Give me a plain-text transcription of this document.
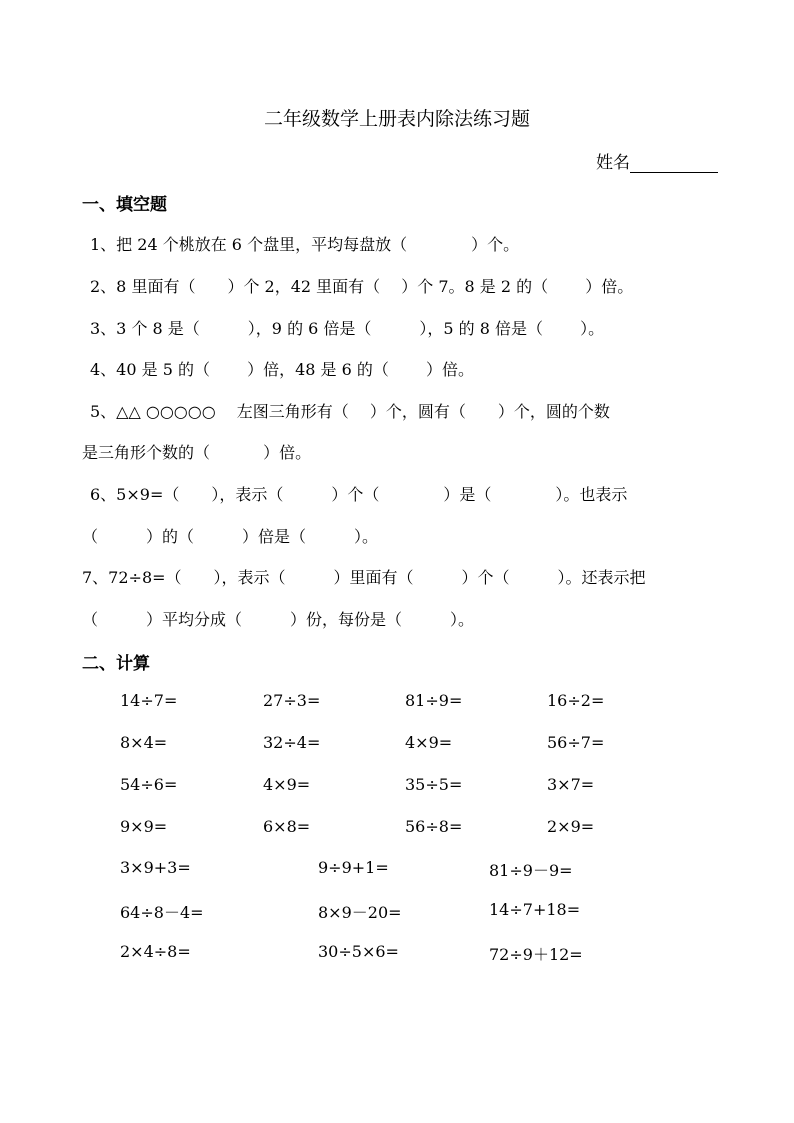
二年级数学上册表内除法练习题
姓名
一、填空题
1、把 24 个桃放在 6 个盘里，平均每盘放（　　　　）个。
2、8 里面有（　　）个 2，42 里面有（　 ）个 7。8 是 2 的（　　 ）倍。
3、3 个 8 是（　　　），9 的 6 倍是（　　　），5 的 8 倍是（　　 ）。
4、40 是 5 的（　　 ）倍，48 是 6 的（　　 ）倍。
5、△△ ○○○○○　 左图三角形有（　 ）个，圆有（　　）个，圆的个数
是三角形个数的（　　　 ）倍。
6、5×9=（　　），表示（　　　）个（　　　　）是（　　　　）。也表示
（　　　）的（　　　）倍是（　　　）。
7、72÷8=（　　），表示（　　　）里面有（　　　）个（　　　）。还表示把
（　　　）平均分成（　　　）份，每份是（　　　）。
二、计算
14÷7=	27÷3=	81÷9=	16÷2=
8×4=	32÷4=	4×9=	56÷7=
54÷6=	4×9=	35÷5=	3×7=
9×9=	6×8=	56÷8=	2×9=
3×9+3=	9÷9+1=	81÷9－9=
64÷8－4=	8×9－20=	14÷7+18=
2×4÷8=	30÷5×6=	72÷9＋12=
